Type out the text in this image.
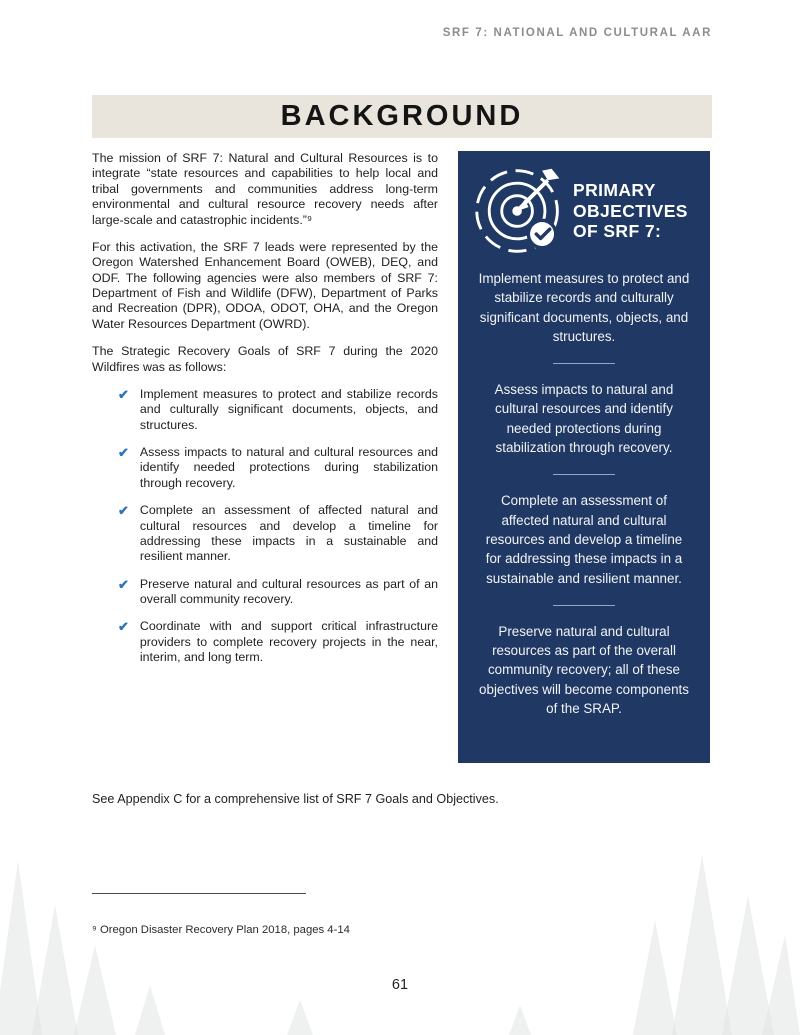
SRF 7: NATIONAL AND CULTURAL AAR
BACKGROUND

The mission of SRF 7: Natural and Cultural Resources is to integrate “state resources and capabilities to help local and tribal governments and communities address long-term environmental and cultural resource recovery needs after large-scale and catastrophic incidents.”⁹

For this activation, the SRF 7 leads were represented by the Oregon Watershed Enhancement Board (OWEB), DEQ, and ODF. The following agencies were also members of SRF 7: Department of Fish and Wildlife (DFW), Department of Parks and Recreation (DPR), ODOA, ODOT, OHA, and the Oregon Water Resources Department (OWRD).

The Strategic Recovery Goals of SRF 7 during the 2020 Wildfires was as follows:

✔ Implement measures to protect and stabilize records and culturally significant documents, objects, and structures.
✔ Assess impacts to natural and cultural resources and identify needed protections during stabilization through recovery.
✔ Complete an assessment of affected natural and cultural resources and develop a timeline for addressing these impacts in a sustainable and resilient manner.
✔ Preserve natural and cultural resources as part of an overall community recovery.
✔ Coordinate with and support critical infrastructure providers to complete recovery projects in the near, interim, and long term.
PRIMARY OBJECTIVES OF SRF 7:

Implement measures to protect and stabilize records and culturally significant documents, objects, and structures.

Assess impacts to natural and cultural resources and identify needed protections during stabilization through recovery.

Complete an assessment of affected natural and cultural resources and develop a timeline for addressing these impacts in a sustainable and resilient manner.

Preserve natural and cultural resources as part of the overall community recovery; all of these objectives will become components of the SRAP.

See Appendix C for a comprehensive list of SRF 7 Goals and Objectives.

⁹ Oregon Disaster Recovery Plan 2018, pages 4-14

61
